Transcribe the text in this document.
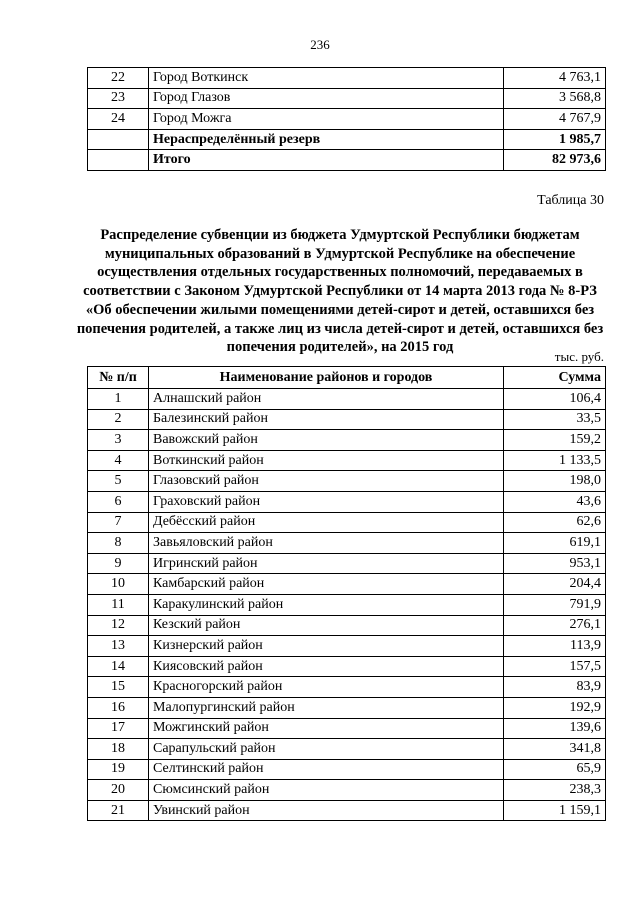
236
22	Город Воткинск	4 763,1
23	Город Глазов	3 568,8
24	Город Можга	4 767,9
	Нераспределённый резерв	1 985,7
	Итого	82 973,6
Таблица 30
Распределение субвенции из бюджета Удмуртской Республики бюджетам муниципальных образований в Удмуртской Республике на обеспечение осуществления отдельных государственных полномочий, передаваемых в соответствии с Законом Удмуртской Республики от 14 марта 2013 года № 8-РЗ «Об обеспечении жилыми помещениями детей-сирот и детей, оставшихся без попечения родителей, а также лиц из числа детей-сирот и детей, оставшихся без попечения родителей», на 2015 год
тыс. руб.
№ п/п	Наименование районов и городов	Сумма
1	Алнашский район	106,4
2	Балезинский район	33,5
3	Вавожский район	159,2
4	Воткинский район	1 133,5
5	Глазовский район	198,0
6	Граховский район	43,6
7	Дебёсский район	62,6
8	Завьяловский район	619,1
9	Игринский район	953,1
10	Камбарский район	204,4
11	Каракулинский район	791,9
12	Кезский район	276,1
13	Кизнерский район	113,9
14	Киясовский район	157,5
15	Красногорский район	83,9
16	Малопургинский район	192,9
17	Можгинский район	139,6
18	Сарапульский район	341,8
19	Селтинский район	65,9
20	Сюмсинский район	238,3
21	Увинский район	1 159,1
